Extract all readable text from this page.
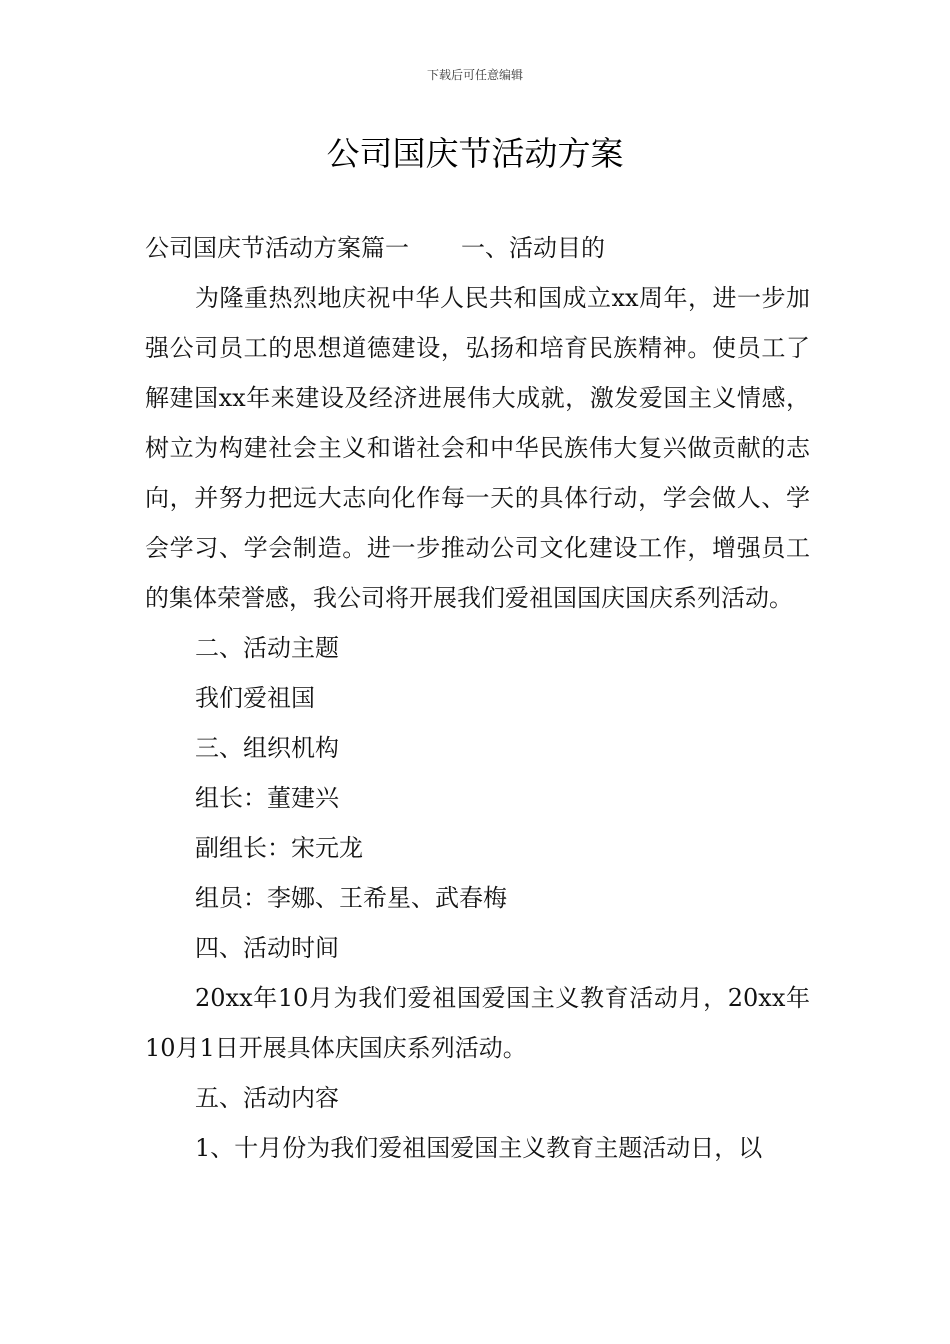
下载后可任意编辑
公司国庆节活动方案

公司国庆节活动方案篇一 一、活动目的

为隆重热烈地庆祝中华人民共和国成立xx周年，进一步加强公司员工的思想道德建设，弘扬和培育民族精神。使员工了解建国xx年来建设及经济进展伟大成就，激发爱国主义情感，树立为构建社会主义和谐社会和中华民族伟大复兴做贡献的志向，并努力把远大志向化作每一天的具体行动，学会做人、学会学习、学会制造。进一步推动公司文化建设工作，增强员工的集体荣誉感，我公司将开展我们爱祖国国庆国庆系列活动。

二、活动主题

我们爱祖国

三、组织机构

组长：董建兴

副组长：宋元龙

组员：李娜、王希星、武春梅

四、活动时间

20xx年10月为我们爱祖国爱国主义教育活动月，20xx年10月1日开展具体庆国庆系列活动。

五、活动内容

1、十月份为我们爱祖国爱国主义教育主题活动日，以
